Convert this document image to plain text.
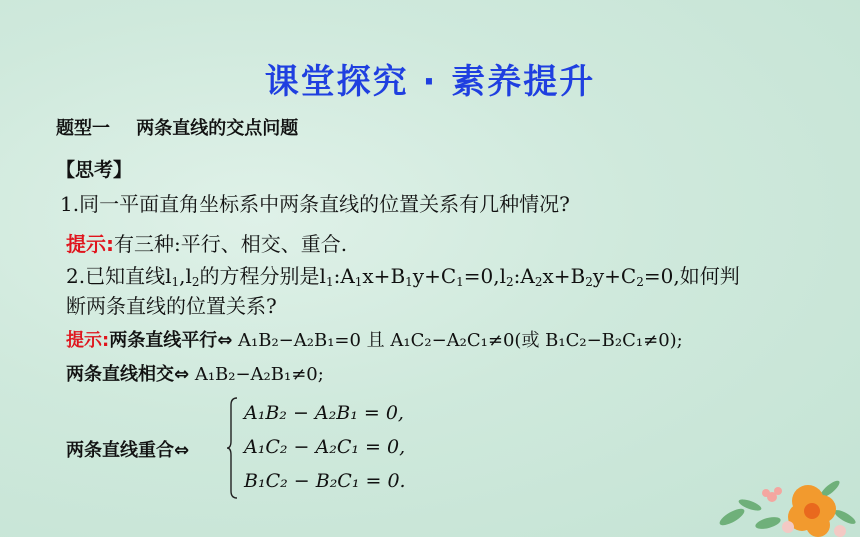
课堂探究 · 素养提升
题型一 两条直线的交点问题
【思考】
1.同一平面直角坐标系中两条直线的位置关系有几种情况?
提示:有三种:平行、相交、重合.
2.已知直线$l_1,l_2$的方程分别是$l_1:A_1x+B_1y+C_1=0,l_2:A_2x+B_2y+C_2=0$,如何判
断两条直线的位置关系?
提示:两条直线平行⇔ A₁B₂−A₂B₁=0 且 A₁C₂−A₂C₁≠0(或 B₁C₂−B₂C₁≠0);
两条直线相交⇔ A₁B₂−A₂B₁≠0;
两条直线重合⇔
A₁B₂ − A₂B₁ = 0,
A₁C₂ − A₂C₁ = 0,
B₁C₂ − B₂C₁ = 0.
